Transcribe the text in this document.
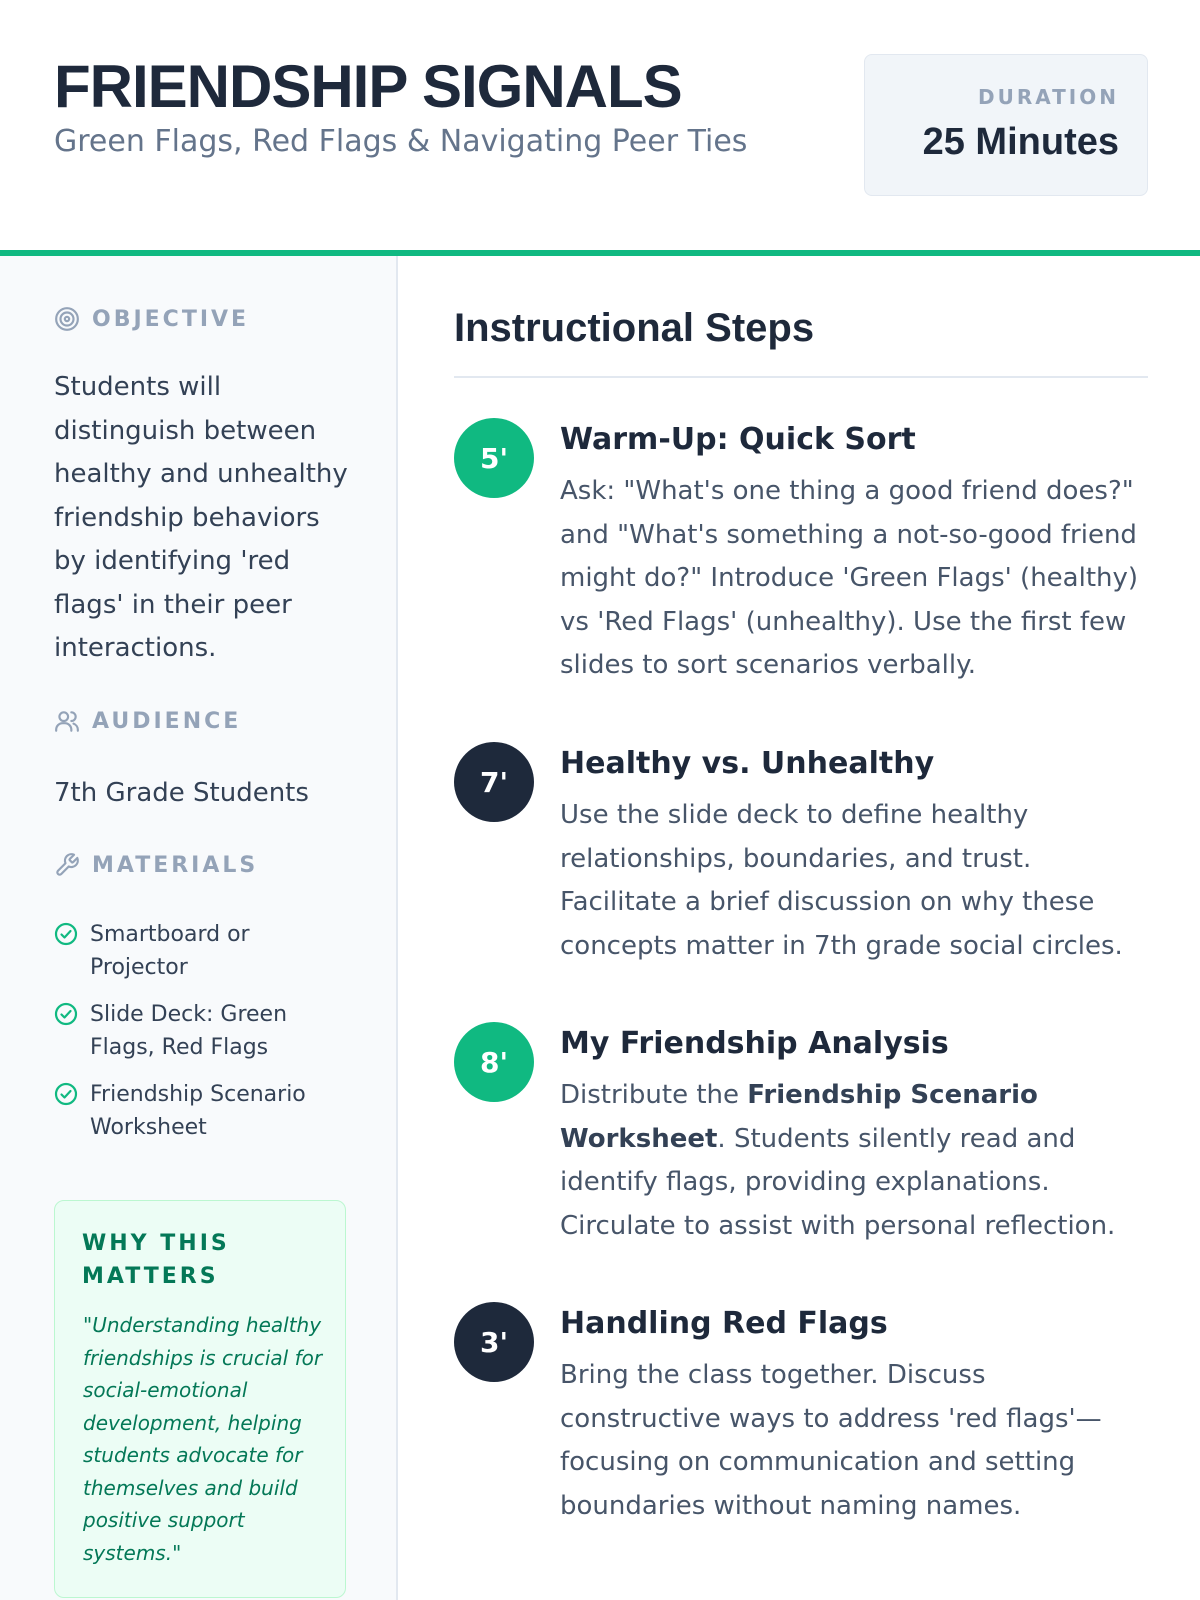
FRIENDSHIP SIGNALS
Green Flags, Red Flags & Navigating Peer Ties
DURATION
25 Minutes
OBJECTIVE

Students will distinguish between healthy and unhealthy friendship behaviors by identifying 'red flags' in their peer interactions.

AUDIENCE

7th Grade Students

MATERIALS
Smartboard or Projector
Slide Deck: Green Flags, Red Flags
Friendship Scenario Worksheet
WHY THIS MATTERS

"Understanding healthy friendships is crucial for social-emotional development, helping students advocate for themselves and build positive support systems."

Instructional Steps
5'
Warm-Up: Quick Sort

Ask: "What's one thing a good friend does?" and "What's something a not-so-good friend might do?" Introduce 'Green Flags' (healthy) vs 'Red Flags' (unhealthy). Use the first few slides to sort scenarios verbally.

7'
Healthy vs. Unhealthy

Use the slide deck to define healthy relationships, boundaries, and trust. Facilitate a brief discussion on why these concepts matter in 7th grade social circles.

8'
My Friendship Analysis

Distribute the Friendship Scenario Worksheet. Students silently read and identify flags, providing explanations. Circulate to assist with personal reflection.

3'
Handling Red Flags

Bring the class together. Discuss constructive ways to address 'red flags'—focusing on communication and setting boundaries without naming names.
